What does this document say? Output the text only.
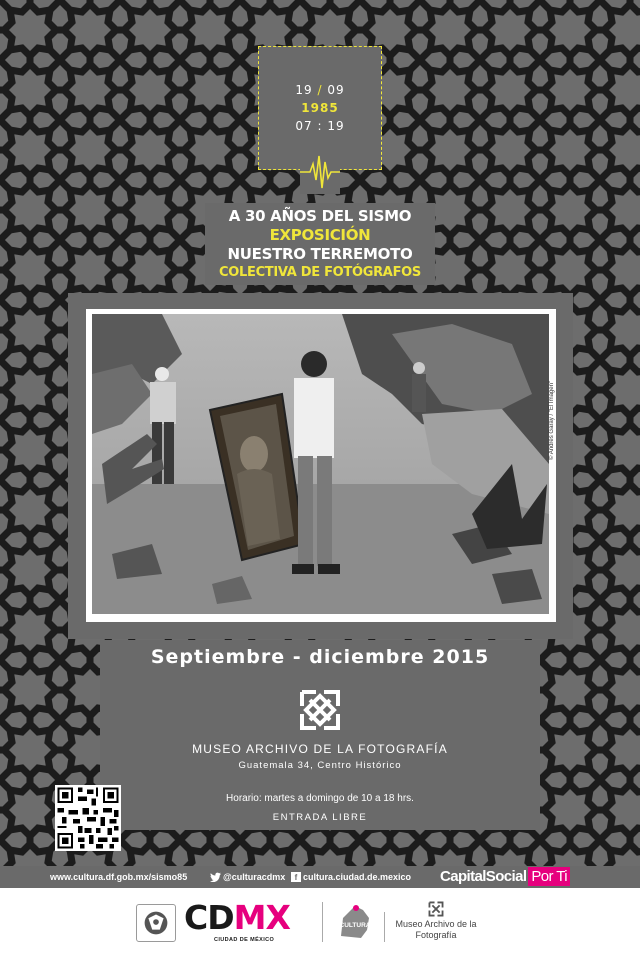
19 / 09
1985
07 : 19
A 30 AÑOS DEL SISMO
EXPOSICIÓN
NUESTRO TERREMOTO
COLECTIVA DE FOTÓGRAFOS
© Andrés Garay / "El Imagen"
Septiembre - diciembre 2015
MUSEO ARCHIVO DE LA FOTOGRAFÍA
Guatemala 34, Centro Histórico
Horario: martes a domingo de 10 a 18 hrs.
ENTRADA LIBRE
www.cultura.df.gob.mx/sismo85	@culturacdmx	f cultura.ciudad.de.mexico CapitalSocial Por Ti
CDMX
CIUDAD DE MÉXICO
CULTURA	Museo Archivo de la
Fotografía
